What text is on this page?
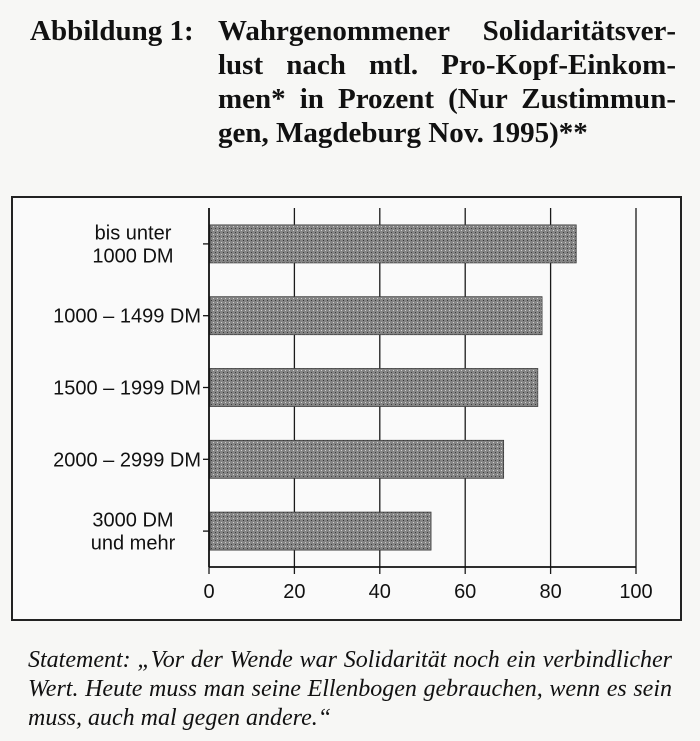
Abbildung 1: Wahrgenommener Solidaritätsverlust nach mtl. Pro-Kopf-Einkommen* in Prozent (Nur Zustimmungen, Magdeburg Nov. 1995)**
0	20	40	60	80	100
bis unter
1000 DM
1000 – 1499 DM
1500 – 1999 DM
2000 – 2999 DM
3000 DM
und mehr
Statement: „Vor der Wende war Solidarität noch ein verbindlicher Wert. Heute muss man seine Ellenbogen gebrauchen, wenn es sein muss, auch mal gegen andere.“
